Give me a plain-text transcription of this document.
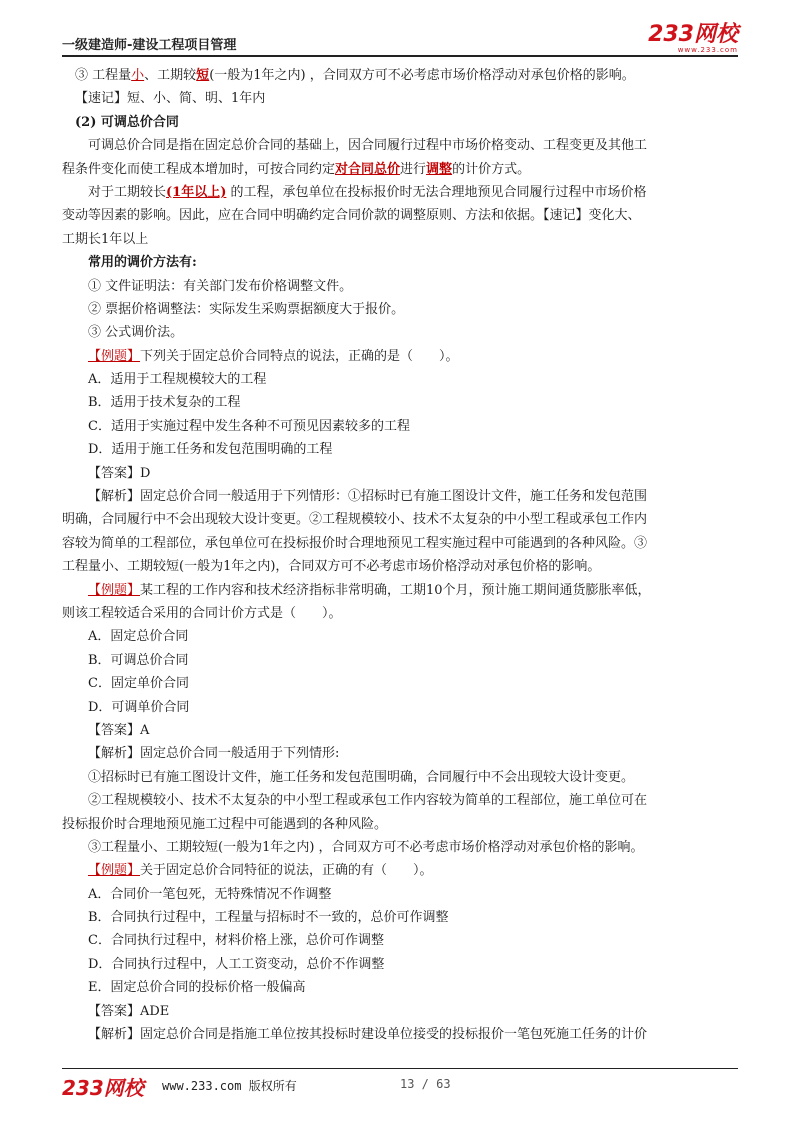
一级建造师-建设工程项目管理	233网校
www.233.com
③ 工程量小、工期较短(一般为1年之内) ，合同双方可不必考虑市场价格浮动对承包价格的影响。
【速记】短、小、简、明、1年内
(2) 可调总价合同
可调总价合同是指在固定总价合同的基础上，因合同履行过程中市场价格变动、工程变更及其他工
程条件变化而使工程成本增加时，可按合同约定对合同总价进行调整的计价方式。
对于工期较长(1年以上) 的工程，承包单位在投标报价时无法合理地预见合同履行过程中市场价格
变动等因素的影响。因此，应在合同中明确约定合同价款的调整原则、方法和依据。【速记】变化大、
工期长1年以上
常用的调价方法有:
① 文件证明法：有关部门发布价格调整文件。
② 票据价格调整法：实际发生采购票据额度大于报价。
③ 公式调价法。
【例题】下列关于固定总价合同特点的说法，正确的是（　　）。
A．适用于工程规模较大的工程
B．适用于技术复杂的工程
C．适用于实施过程中发生各种不可预见因素较多的工程
D．适用于施工任务和发包范围明确的工程
【答案】D
【解析】固定总价合同一般适用于下列情形：①招标时已有施工图设计文件，施工任务和发包范围
明确，合同履行中不会出现较大设计变更。②工程规模较小、技术不太复杂的中小型工程或承包工作内
容较为简单的工程部位，承包单位可在投标报价时合理地预见工程实施过程中可能遇到的各种风险。③
工程量小、工期较短(一般为1年之内)，合同双方可不必考虑市场价格浮动对承包价格的影响。
【例题】某工程的工作内容和技术经济指标非常明确，工期10个月，预计施工期间通货膨胀率低，
则该工程较适合采用的合同计价方式是（　　）。
A．固定总价合同
B．可调总价合同
C．固定单价合同
D．可调单价合同
【答案】A
【解析】固定总价合同一般适用于下列情形:
①招标时已有施工图设计文件，施工任务和发包范围明确，合同履行中不会出现较大设计变更。
②工程规模较小、技术不太复杂的中小型工程或承包工作内容较为简单的工程部位，施工单位可在
投标报价时合理地预见施工过程中可能遇到的各种风险。
③工程量小、工期较短(一般为1年之内) ，合同双方可不必考虑市场价格浮动对承包价格的影响。
【例题】关于固定总价合同特征的说法，正确的有（　　）。
A．合同价一笔包死，无特殊情况不作调整
B．合同执行过程中，工程量与招标时不一致的，总价可作调整
C．合同执行过程中，材料价格上涨，总价可作调整
D．合同执行过程中，人工工资变动，总价不作调整
E．固定总价合同的投标价格一般偏高
【答案】ADE
【解析】固定总价合同是指施工单位按其投标时建设单位接受的投标报价一笔包死施工任务的计价
233网校 www.233.com 版权所有	13 / 63
